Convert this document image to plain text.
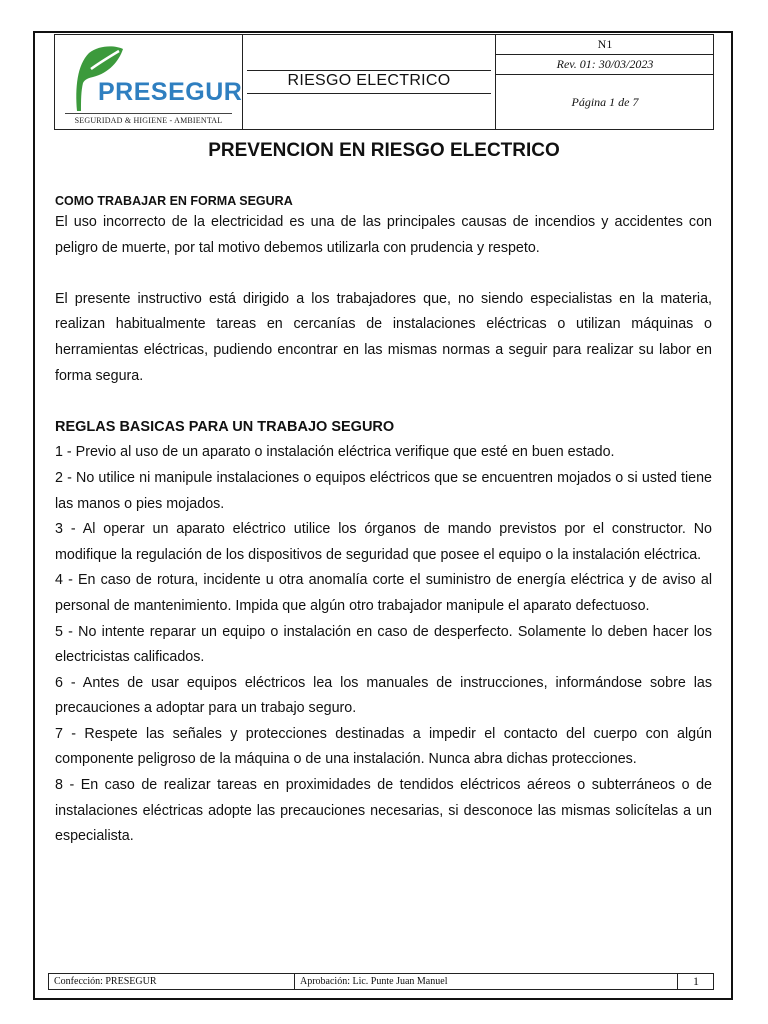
PRESEGUR
SEGURIDAD & HIGIENE - AMBIENTAL
RIESGO ELECTRICO
N1
Rev. 01: 30/03/2023
Página 1 de 7
PREVENCION EN RIESGO ELECTRICO
COMO TRABAJAR EN FORMA SEGURA

El uso incorrecto de la electricidad es una de las principales causas de incendios y accidentes con peligro de muerte, por tal motivo debemos utilizarla con prudencia y respeto.

El presente instructivo está dirigido a los trabajadores que, no siendo especialistas en la materia, realizan habitualmente tareas en cercanías de instalaciones eléctricas o utilizan máquinas o herramientas eléctricas, pudiendo encontrar en las mismas normas a seguir para realizar su labor en forma segura.

REGLAS BASICAS PARA UN TRABAJO SEGURO

1 - Previo al uso de un aparato o instalación eléctrica verifique que esté en buen estado.

2 - No utilice ni manipule instalaciones o equipos eléctricos que se encuentren mojados o si usted tiene las manos o pies mojados.

3 - Al operar un aparato eléctrico utilice los órganos de mando previstos por el constructor. No modifique la regulación de los dispositivos de seguridad que posee el equipo o la instalación eléctrica.

4 - En caso de rotura, incidente u otra anomalía corte el suministro de energía eléctrica y de aviso al personal de mantenimiento. Impida que algún otro trabajador manipule el aparato defectuoso.

5 - No intente reparar un equipo o instalación en caso de desperfecto. Solamente lo deben hacer los electricistas calificados.

6 - Antes de usar equipos eléctricos lea los manuales de instrucciones, informándose sobre las precauciones a adoptar para un trabajo seguro.

7 - Respete las señales y protecciones destinadas a impedir el contacto del cuerpo con algún componente peligroso de la máquina o de una instalación. Nunca abra dichas protecciones.

8 - En caso de realizar tareas en proximidades de tendidos eléctricos aéreos o subterráneos o de instalaciones eléctricas adopte las precauciones necesarias, si desconoce las mismas solicítelas a un especialista.

Confección: PRESEGUR	Aprobación: Lic. Punte Juan Manuel	1
